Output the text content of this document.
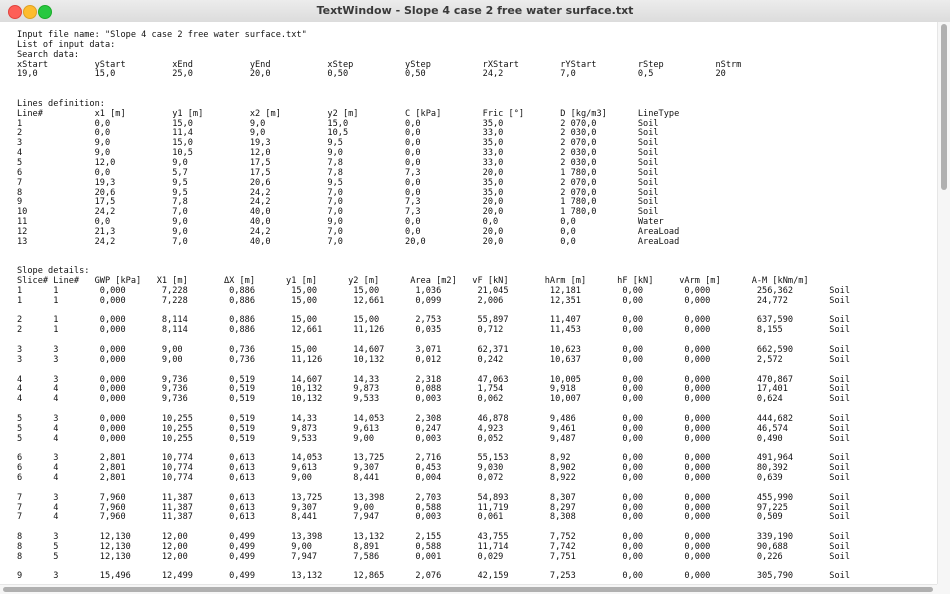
TextWindow - Slope 4 case 2 free water surface.txt
Input file name: "Slope 4 case 2 free water surface.txt"
List of input data:
Search data:
xStart         yStart         xEnd           yEnd           xStep          yStep          rXStart        rYStart        rStep          nStrm
19,0           15,0           25,0           20,0           0,50           0,50           24,2           7,0            0,5            20

Lines definition:
Line#          x1 [m]         y1 [m]         x2 [m]         y2 [m]         C [kPa]        Fric [°]       D [kg/m3]      LineType
1              0,0            15,0           9,0            15,0           0,0            35,0           2 070,0        Soil
2              0,0            11,4           9,0            10,5           0,0            33,0           2 030,0        Soil
3              9,0            15,0           19,3           9,5            0,0            35,0           2 070,0        Soil
4              9,0            10,5           12,0           9,0            0,0            33,0           2 030,0        Soil
5              12,0           9,0            17,5           7,8            0,0            33,0           2 030,0        Soil
6              0,0            5,7            17,5           7,8            7,3            20,0           1 780,0        Soil
7              19,3           9,5            20,6           9,5            0,0            35,0           2 070,0        Soil
8              20,6           9,5            24,2           7,0            0,0            35,0           2 070,0        Soil
9              17,5           7,8            24,2           7,0            7,3            20,0           1 780,0        Soil
10             24,2           7,0            40,0           7,0            7,3            20,0           1 780,0        Soil
11             0,0            9,0            40,0           9,0            0,0            0,0            0,0            Water
12             21,3           9,0            24,2           7,0            0,0            20,0           0,0            AreaLoad
13             24,2           7,0            40,0           7,0            20,0           20,0           0,0            AreaLoad

Slope details:
Slice# Line#   GWP [kPa]   X1 [m]       ΔX [m]      y1 [m]      y2 [m]      Area [m2]   vF [kN]       hArm [m]      hF [kN]     vArm [m]      A-M [kNm/m]
1      1        0,000       7,228        0,886       15,00       15,00       1,036       21,045        12,181        0,00        0,000         256,362       Soil
1      1        0,000       7,228        0,886       15,00       12,661      0,099       2,006         12,351        0,00        0,000         24,772        Soil

2      1        0,000       8,114        0,886       15,00       15,00       2,753       55,897        11,407        0,00        0,000         637,590       Soil
2      1        0,000       8,114        0,886       12,661      11,126      0,035       0,712         11,453        0,00        0,000         8,155         Soil

3      3        0,000       9,00         0,736       15,00       14,607      3,071       62,371        10,623        0,00        0,000         662,590       Soil
3      3        0,000       9,00         0,736       11,126      10,132      0,012       0,242         10,637        0,00        0,000         2,572         Soil

4      3        0,000       9,736        0,519       14,607      14,33       2,318       47,063        10,005        0,00        0,000         470,867       Soil
4      4        0,000       9,736        0,519       10,132      9,873       0,088       1,754         9,918         0,00        0,000         17,401        Soil
4      4        0,000       9,736        0,519       10,132      9,533       0,003       0,062         10,007        0,00        0,000         0,624         Soil

5      3        0,000       10,255       0,519       14,33       14,053      2,308       46,878        9,486         0,00        0,000         444,682       Soil
5      4        0,000       10,255       0,519       9,873       9,613       0,247       4,923         9,461         0,00        0,000         46,574        Soil
5      4        0,000       10,255       0,519       9,533       9,00        0,003       0,052         9,487         0,00        0,000         0,490         Soil

6      3        2,801       10,774       0,613       14,053      13,725      2,716       55,153        8,92          0,00        0,000         491,964       Soil
6      4        2,801       10,774       0,613       9,613       9,307       0,453       9,030         8,902         0,00        0,000         80,392        Soil
6      4        2,801       10,774       0,613       9,00        8,441       0,004       0,072         8,922         0,00        0,000         0,639         Soil

7      3        7,960       11,387       0,613       13,725      13,398      2,703       54,893        8,307         0,00        0,000         455,990       Soil
7      4        7,960       11,387       0,613       9,307       9,00        0,588       11,719        8,297         0,00        0,000         97,225        Soil
7      4        7,960       11,387       0,613       8,441       7,947       0,003       0,061         8,308         0,00        0,000         0,509         Soil

8      3        12,130      12,00        0,499       13,398      13,132      2,155       43,755        7,752         0,00        0,000         339,190       Soil
8      5        12,130      12,00        0,499       9,00        8,891       0,588       11,714        7,742         0,00        0,000         90,688        Soil
8      5        12,130      12,00        0,499       7,947       7,586       0,001       0,029         7,751         0,00        0,000         0,226         Soil

9      3        15,496      12,499       0,499       13,132      12,865      2,076       42,159        7,253         0,00        0,000         305,790       Soil
